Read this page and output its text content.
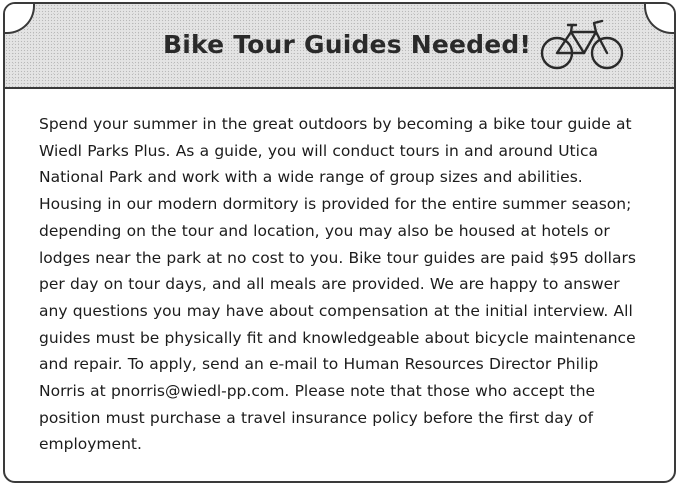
Bike Tour Guides Needed!

Spend your summer in the great outdoors by becoming a bike tour guide at Wiedl Parks Plus. As a guide, you will conduct tours in and around Utica National Park and work with a wide range of group sizes and abilities. Housing in our modern dormitory is provided for the entire summer season; depending on the tour and location, you may also be housed at hotels or lodges near the park at no cost to you. Bike tour guides are paid $95 dollars per day on tour days, and all meals are provided. We are happy to answer any questions you may have about compensation at the initial interview. All guides must be physically fit and knowledgeable about bicycle maintenance and repair. To apply, send an e-mail to Human Resources Director Philip Norris at pnorris@wiedl-pp.com. Please note that those who accept the position must purchase a travel insurance policy before the first day of employment.
